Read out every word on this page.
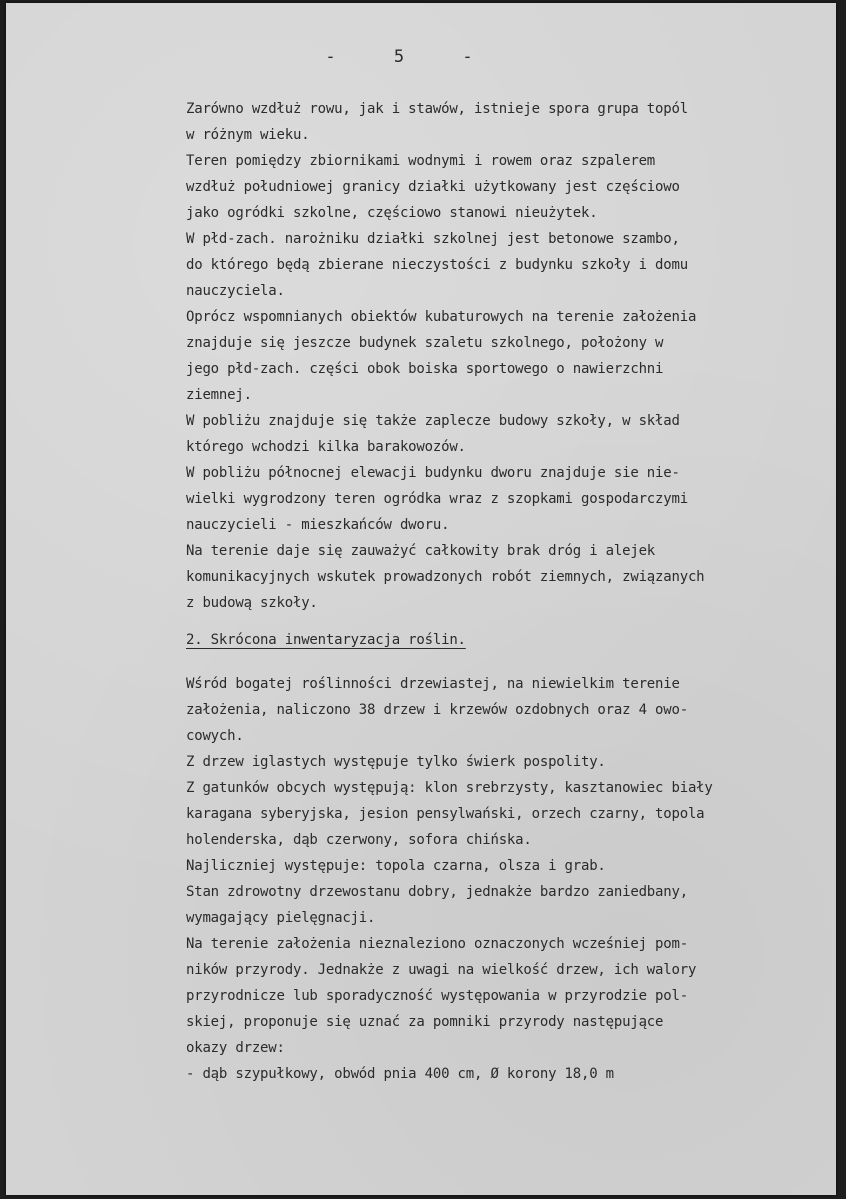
-	5	-
Zarówno wzdłuż rowu, jak i stawów, istnieje spora grupa topól
w różnym wieku.
Teren pomiędzy zbiornikami wodnymi i rowem oraz szpalerem
wzdłuż południowej granicy działki użytkowany jest częściowo
jako ogródki szkolne, częściowo stanowi nieużytek.
W płd-zach. narożniku działki szkolnej jest betonowe szambo,
do którego będą zbierane nieczystości z budynku szkoły i domu
nauczyciela.
Oprócz wspomnianych obiektów kubaturowych na terenie założenia
znajduje się jeszcze budynek szaletu szkolnego, położony w
jego płd-zach. części obok boiska sportowego o nawierzchni
ziemnej.
W pobliżu znajduje się także zaplecze budowy szkoły, w skład
którego wchodzi kilka barakowozów.
W pobliżu północnej elewacji budynku dworu znajduje sie nie-
wielki wygrodzony teren ogródka wraz z szopkami gospodarczymi
nauczycieli - mieszkańców dworu.
Na terenie daje się zauważyć całkowity brak dróg i alejek
komunikacyjnych wskutek prowadzonych robót ziemnych, związanych
z budową szkoły.
2. Skrócona inwentaryzacja roślin.
Wśród bogatej roślinności drzewiastej, na niewielkim terenie
założenia, naliczono 38 drzew i krzewów ozdobnych oraz 4 owo-
cowych.
Z drzew iglastych występuje tylko świerk pospolity.
Z gatunków obcych występują: klon srebrzysty, kasztanowiec biały
karagana syberyjska, jesion pensylwański, orzech czarny, topola
holenderska, dąb czerwony, sofora chińska.
Najliczniej występuje: topola czarna, olsza i grab.
Stan zdrowotny drzewostanu dobry, jednakże bardzo zaniedbany,
wymagający pielęgnacji.
Na terenie założenia nieznaleziono oznaczonych wcześniej pom-
ników przyrody. Jednakże z uwagi na wielkość drzew, ich walory
przyrodnicze lub sporadyczność występowania w przyrodzie pol-
skiej, proponuje się uznać za pomniki przyrody następujące
okazy drzew:
- dąb szypułkowy, obwód pnia 400 cm, Ø korony 18,0 m
